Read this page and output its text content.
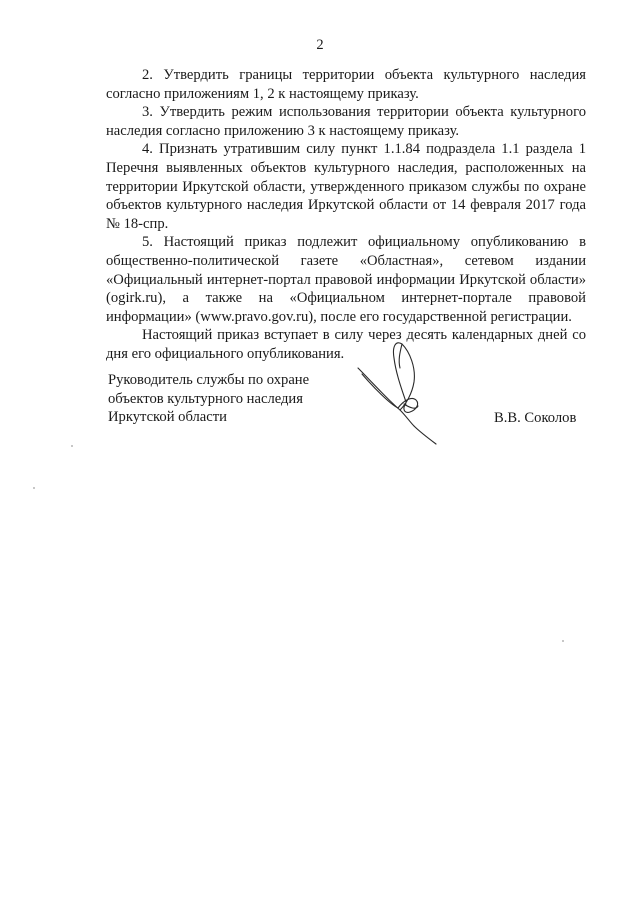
2

2. Утвердить границы территории объекта культурного наследия согласно приложениям 1, 2 к настоящему приказу.

3. Утвердить режим использования территории объекта культурного наследия согласно приложению 3 к настоящему приказу.

4. Признать утратившим силу пункт 1.1.84 подраздела 1.1 раздела 1 Перечня выявленных объектов культурного наследия, расположенных на территории Иркутской области, утвержденного приказом службы по охране объектов культурного наследия Иркутской области от 14 февраля 2017 года № 18-спр.

5. Настоящий приказ подлежит официальному опубликованию в общественно-политической газете «Областная», сетевом издании «Официальный интернет-портал правовой информации Иркутской области» (ogirk.ru), а также на «Официальном интернет-портале правовой информации» (www.pravo.gov.ru), после его государственной регистрации.

Настоящий приказ вступает в силу через десять календарных дней со дня его официального опубликования.

Руководитель службы по охране
объектов культурного наследия
Иркутской области	В.В. Соколов
